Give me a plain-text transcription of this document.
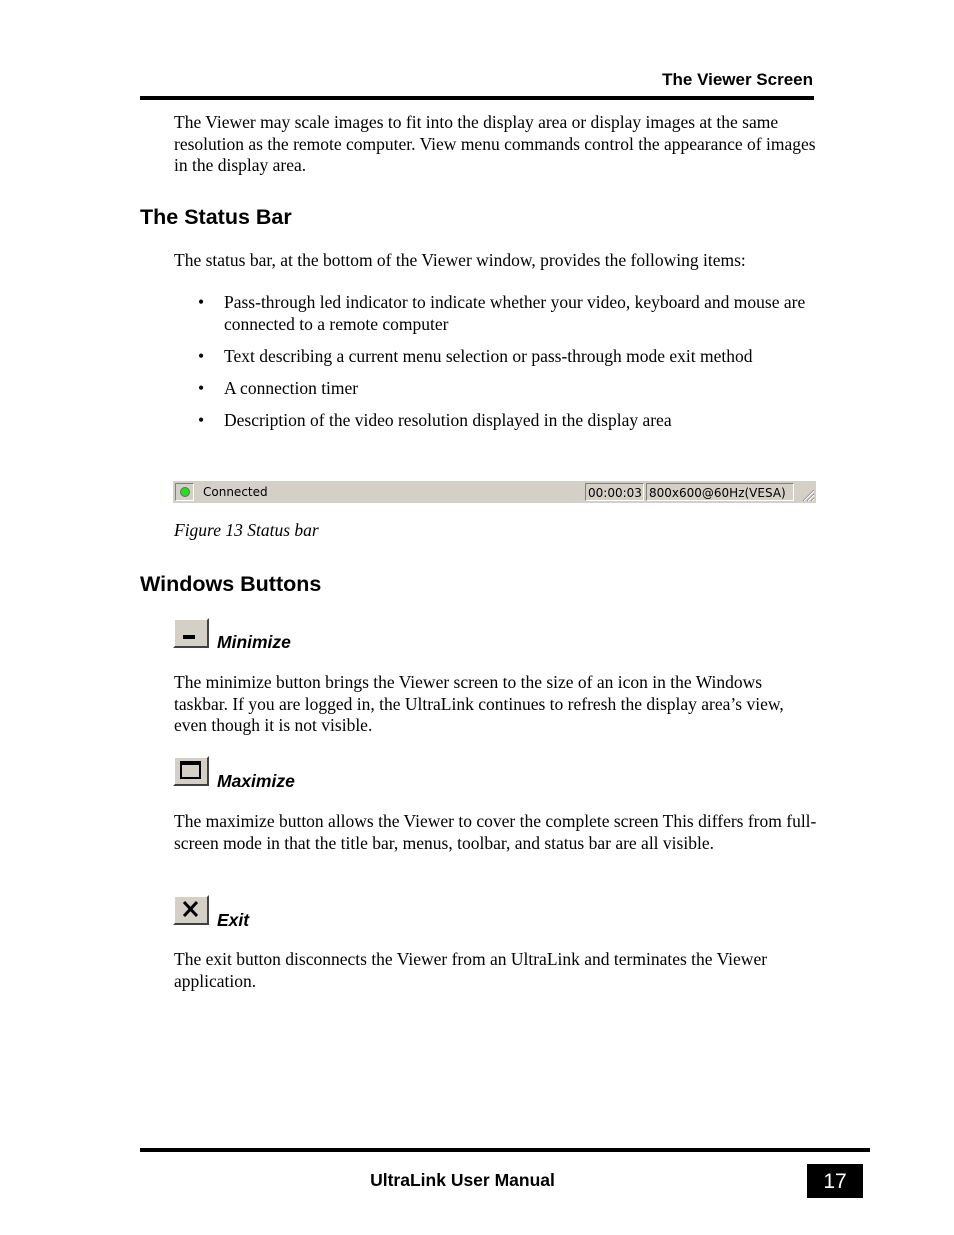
The Viewer Screen
The Viewer may scale images to fit into the display area or display images at the same resolution as the remote computer. View menu commands control the appearance of images in the display area.
The Status Bar
The status bar, at the bottom of the Viewer window, provides the following items:
• Pass-through led indicator to indicate whether your video, keyboard and mouse are connected to a remote computer
• Text describing a current menu selection or pass-through mode exit method
• A connection timer
• Description of the video resolution displayed in the display area
Connected	00:00:03 800x600@60Hz(VESA)
Figure 13 Status bar
Windows Buttons
Minimize
The minimize button brings the Viewer screen to the size of an icon in the Windows taskbar. If you are logged in, the UltraLink continues to refresh the display area’s view, even though it is not visible.
Maximize
The maximize button allows the Viewer to cover the complete screen This differs from full-screen mode in that the title bar, menus, toolbar, and status bar are all visible.
Exit
The exit button disconnects the Viewer from an UltraLink and terminates the Viewer application.
UltraLink User Manual	17
